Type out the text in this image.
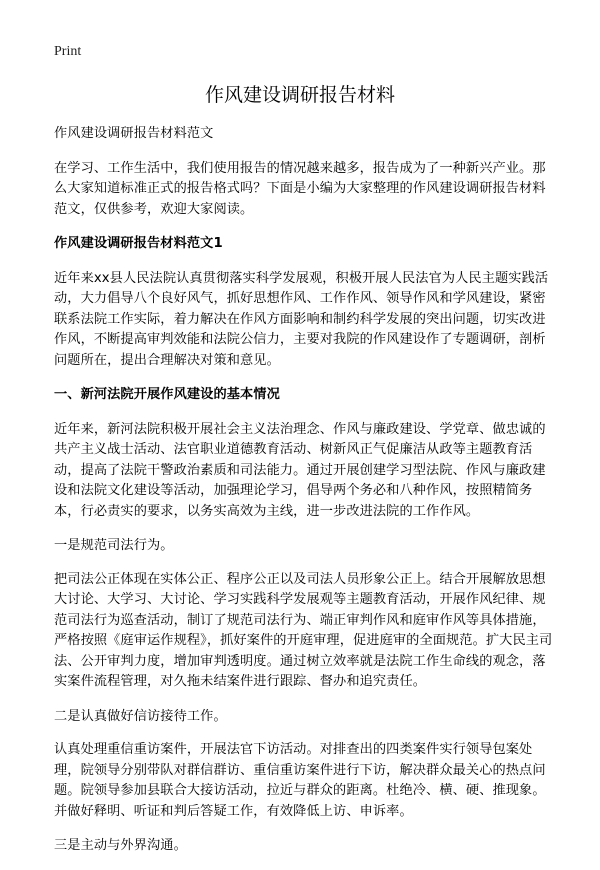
Print
作风建设调研报告材料

作风建设调研报告材料范文

在学习、工作生活中，我们使用报告的情况越来越多，报告成为了一种新兴产业。那么大家知道标准正式的报告格式吗？下面是小编为大家整理的作风建设调研报告材料范文，仅供参考，欢迎大家阅读。

作风建设调研报告材料范文1

近年来xx县人民法院认真贯彻落实科学发展观，积极开展人民法官为人民主题实践活动，大力倡导八个良好风气，抓好思想作风、工作作风、领导作风和学风建设，紧密联系法院工作实际，着力解决在作风方面影响和制约科学发展的突出问题，切实改进作风，不断提高审判效能和法院公信力，主要对我院的作风建设作了专题调研，剖析问题所在，提出合理解决对策和意见。

一、新河法院开展作风建设的基本情况

近年来，新河法院积极开展社会主义法治理念、作风与廉政建设、学党章、做忠诚的共产主义战士活动、法官职业道德教育活动、树新风正气促廉洁从政等主题教育活动，提高了法院干警政治素质和司法能力。通过开展创建学习型法院、作风与廉政建设和法院文化建设等活动，加强理论学习，倡导两个务必和八种作风，按照精简务本，行必责实的要求，以务实高效为主线，进一步改进法院的工作作风。

一是规范司法行为。

把司法公正体现在实体公正、程序公正以及司法人员形象公正上。结合开展解放思想大讨论、大学习、大讨论、学习实践科学发展观等主题教育活动，开展作风纪律、规范司法行为巡查活动，制订了规范司法行为、端正审判作风和庭审作风等具体措施，严格按照《庭审运作规程》，抓好案件的开庭审理，促进庭审的全面规范。扩大民主司法、公开审判力度，增加审判透明度。通过树立效率就是法院工作生命线的观念，落实案件流程管理，对久拖未结案件进行跟踪、督办和追究责任。

二是认真做好信访接待工作。

认真处理重信重访案件，开展法官下访活动。对排查出的四类案件实行领导包案处理，院领导分别带队对群信群访、重信重访案件进行下访，解决群众最关心的热点问题。院领导参加县联合大接访活动，拉近与群众的距离。杜绝冷、横、硬、推现象。并做好释明、听证和判后答疑工作，有效降低上访、申诉率。

三是主动与外界沟通。
